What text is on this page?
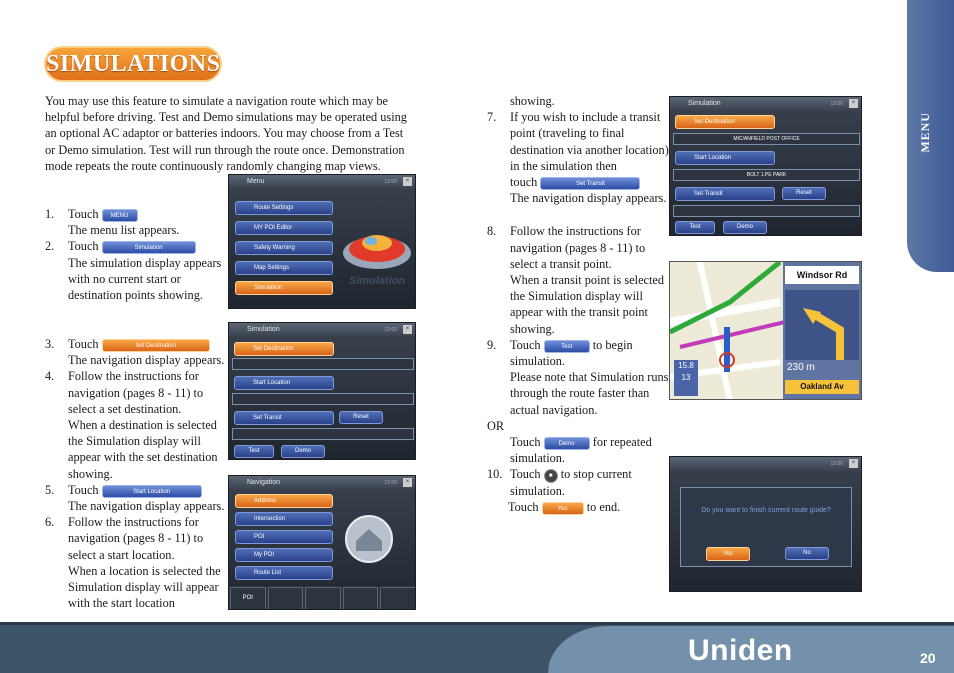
MENU
SIMULATIONS

You may use this feature to simulate a navigation route which may be helpful before driving. Test and Demo simulations may be operated using an optional AC adaptor or batteries indoors. You may choose from a Test or Demo simulation. Test will run through the route once. Demonstration mode repeats the route continuously randomly changing map views.

1.	Touch MENU

The menu list appears.

2.	Touch	Simulation

The simulation display appears with no current start or destination points showing.

3.	Touch	Set Destination

The navigation display appears.

4.	Follow the instructions for navigation (pages 8 - 11) to select a set destination.

When a destination is selected the Simulation display will appear with the set destination showing.

5.	Touch	Start Location

The navigation display appears.

6.	Follow the instructions for navigation (pages 8 - 11) to select a start location.

When a location is selected the Simulation display will appear with the start location

showing.

7.	If you wish to include a transit point (traveling to final destination via another location) in the simulation then

touch	Set Transit

The navigation display appears.

8.	Follow the instructions for navigation (pages 8 - 11) to select a transit point.

When a transit point is selected the Simulation display will appear with the transit point showing.

9.	Touch	Test to begin simulation.

Please note that Simulation runs through the route faster than actual navigation.

OR

Touch	Demo for repeated simulation.

10. Touch ■ to stop current simulation.

Touch	Yes to end.

Menu	12:00	×
Route Settings
MY POI Editor
Safety Warning
Map Settings
Simulation
Simulation
Simulation	12:00	×
Set Destination
Start Location
Set Transit	Reset
Test	Demo
Navigation	12:00	×
Address
Intersection
POI
My POI
Route List
POI
Simulation	12:00	×
Set Destination
MIC/ANFIELD POST OFFICE
Start Location
BOLT 1.PE PARK
Set Transit	Reset
Test	Demo
Windsor Rd
230 m
Oakland Av
15.8
13
12:00	×
Do you want to finish current route guide?
Yes	No
Uniden	20
